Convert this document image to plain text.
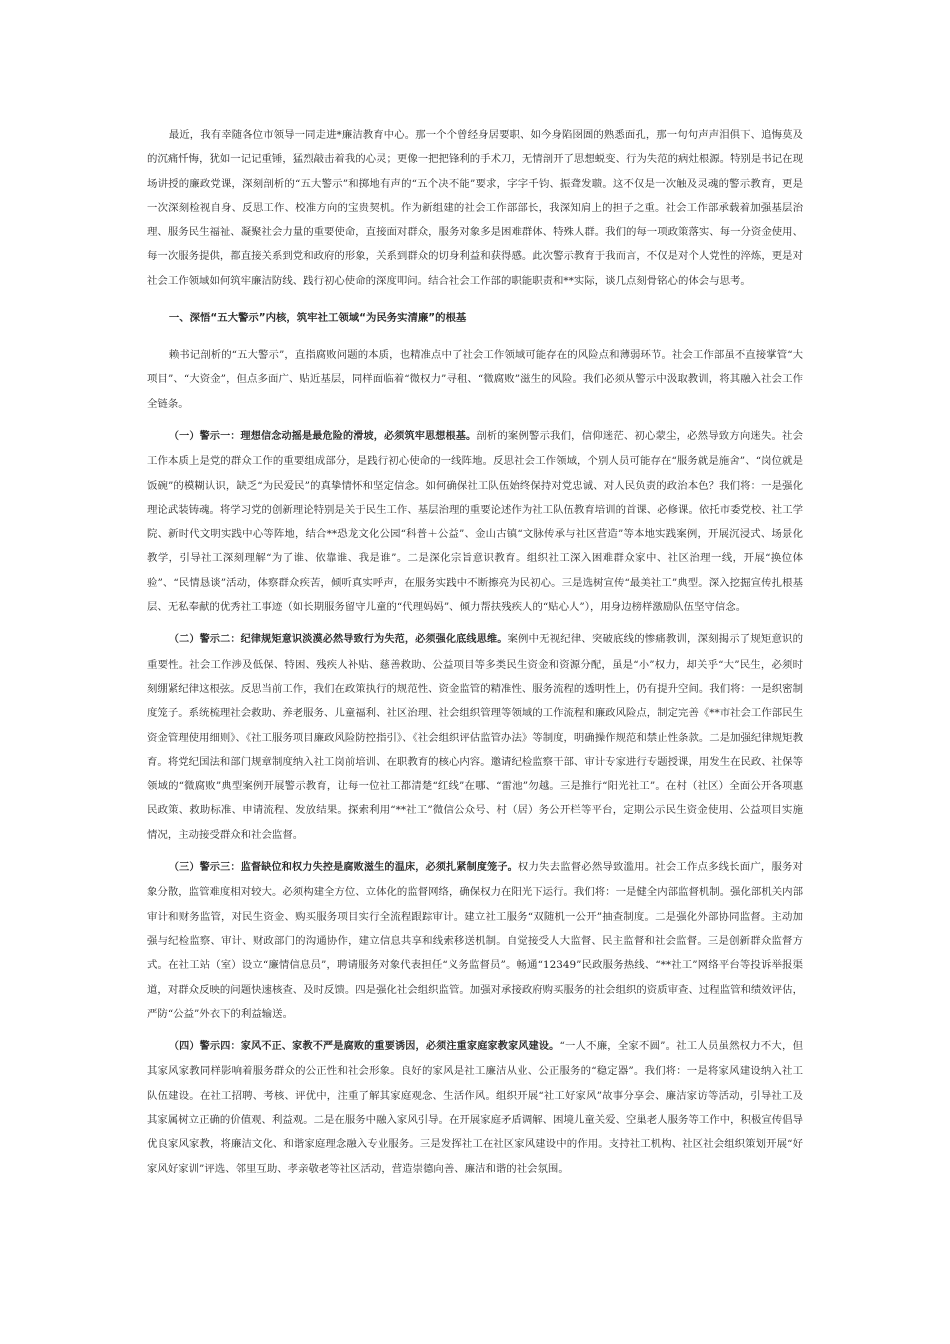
最近，我有幸随各位市领导一同走进*廉洁教育中心。那一个个曾经身居要职、如今身陷囹圄的熟悉面孔，那一句句声声泪俱下、追悔莫及的沉痛忏悔，犹如一记记重锤，猛烈敲击着我的心灵；更像一把把锋利的手术刀，无情剖开了思想蜕变、行为失范的病灶根源。特别是书记在现场讲授的廉政党课，深刻剖析的“五大警示”和掷地有声的“五个决不能”要求，字字千钧、振聋发聩。这不仅是一次触及灵魂的警示教育，更是一次深刻检视自身、反思工作、校准方向的宝贵契机。作为新组建的社会工作部部长，我深知肩上的担子之重。社会工作部承载着加强基层治理、服务民生福祉、凝聚社会力量的重要使命，直接面对群众，服务对象多是困难群体、特殊人群。我们的每一项政策落实、每一分资金使用、每一次服务提供，都直接关系到党和政府的形象，关系到群众的切身利益和获得感。此次警示教育于我而言，不仅是对个人党性的淬炼，更是对社会工作领域如何筑牢廉洁防线、践行初心使命的深度叩问。结合社会工作部的职能职责和**实际，谈几点刻骨铭心的体会与思考。

一、深悟“五大警示”内核，筑牢社工领域“为民务实清廉”的根基

赖书记剖析的“五大警示”，直指腐败问题的本质，也精准点中了社会工作领域可能存在的风险点和薄弱环节。社会工作部虽不直接掌管“大项目”、“大资金”，但点多面广、贴近基层，同样面临着“微权力”寻租、“微腐败”滋生的风险。我们必须从警示中汲取教训，将其融入社会工作全链条。

（一）警示一：理想信念动摇是最危险的滑坡，必须筑牢思想根基。剖析的案例警示我们，信仰迷茫、初心蒙尘，必然导致方向迷失。社会工作本质上是党的群众工作的重要组成部分，是践行初心使命的一线阵地。反思社会工作领域，个别人员可能存在“服务就是施舍”、“岗位就是饭碗”的模糊认识，缺乏“为民爱民”的真挚情怀和坚定信念。如何确保社工队伍始终保持对党忠诚、对人民负责的政治本色？我们将：一是强化理论武装铸魂。将学习党的创新理论特别是关于民生工作、基层治理的重要论述作为社工队伍教育培训的首课、必修课。依托市委党校、社工学院、新时代文明实践中心等阵地，结合**恐龙文化公园“科普＋公益”、金山古镇“文脉传承与社区营造”等本地实践案例，开展沉浸式、场景化教学，引导社工深刻理解“为了谁、依靠谁、我是谁”。二是深化宗旨意识教育。组织社工深入困难群众家中、社区治理一线，开展“换位体验”、“民情恳谈”活动，体察群众疾苦，倾听真实呼声，在服务实践中不断擦亮为民初心。三是选树宣传“最美社工”典型。深入挖掘宣传扎根基层、无私奉献的优秀社工事迹（如长期服务留守儿童的“代理妈妈”、倾力帮扶残疾人的“贴心人”），用身边榜样激励队伍坚守信念。

（二）警示二：纪律规矩意识淡漠必然导致行为失范，必须强化底线思维。案例中无视纪律、突破底线的惨痛教训，深刻揭示了规矩意识的重要性。社会工作涉及低保、特困、残疾人补贴、慈善救助、公益项目等多类民生资金和资源分配，虽是“小”权力，却关乎“大”民生，必须时刻绷紧纪律这根弦。反思当前工作，我们在政策执行的规范性、资金监管的精准性、服务流程的透明性上，仍有提升空间。我们将：一是织密制度笼子。系统梳理社会救助、养老服务、儿童福利、社区治理、社会组织管理等领域的工作流程和廉政风险点，制定完善《**市社会工作部民生资金管理使用细则》、《社工服务项目廉政风险防控指引》、《社会组织评估监管办法》等制度，明确操作规范和禁止性条款。二是加强纪律规矩教育。将党纪国法和部门规章制度纳入社工岗前培训、在职教育的核心内容。邀请纪检监察干部、审计专家进行专题授课，用发生在民政、社保等领域的“微腐败”典型案例开展警示教育，让每一位社工都清楚“红线”在哪、“雷池”勿越。三是推行“阳光社工”。在村（社区）全面公开各项惠民政策、救助标准、申请流程、发放结果。探索利用“**社工”微信公众号、村（居）务公开栏等平台，定期公示民生资金使用、公益项目实施情况，主动接受群众和社会监督。

（三）警示三：监督缺位和权力失控是腐败滋生的温床，必须扎紧制度笼子。权力失去监督必然导致滥用。社会工作点多线长面广，服务对象分散，监管难度相对较大。必须构建全方位、立体化的监督网络，确保权力在阳光下运行。我们将：一是健全内部监督机制。强化部机关内部审计和财务监管，对民生资金、购买服务项目实行全流程跟踪审计。建立社工服务“双随机一公开”抽查制度。二是强化外部协同监督。主动加强与纪检监察、审计、财政部门的沟通协作，建立信息共享和线索移送机制。自觉接受人大监督、民主监督和社会监督。三是创新群众监督方式。在社工站（室）设立“廉情信息员”，聘请服务对象代表担任“义务监督员”。畅通“12349”民政服务热线、“**社工”网络平台等投诉举报渠道，对群众反映的问题快速核查、及时反馈。四是强化社会组织监管。加强对承接政府购买服务的社会组织的资质审查、过程监管和绩效评估，严防“公益”外衣下的利益输送。

（四）警示四：家风不正、家教不严是腐败的重要诱因，必须注重家庭家教家风建设。“一人不廉，全家不圆”。社工人员虽然权力不大，但其家风家教同样影响着服务群众的公正性和社会形象。良好的家风是社工廉洁从业、公正服务的“稳定器”。我们将：一是将家风建设纳入社工队伍建设。在社工招聘、考核、评优中，注重了解其家庭观念、生活作风。组织开展“社工好家风”故事分享会、廉洁家访等活动，引导社工及其家属树立正确的价值观、利益观。二是在服务中融入家风引导。在开展家庭矛盾调解、困境儿童关爱、空巢老人服务等工作中，积极宣传倡导优良家风家教，将廉洁文化、和谐家庭理念融入专业服务。三是发挥社工在社区家风建设中的作用。支持社工机构、社区社会组织策划开展“好家风好家训”评选、邻里互助、孝亲敬老等社区活动，营造崇德向善、廉洁和谐的社会氛围。
